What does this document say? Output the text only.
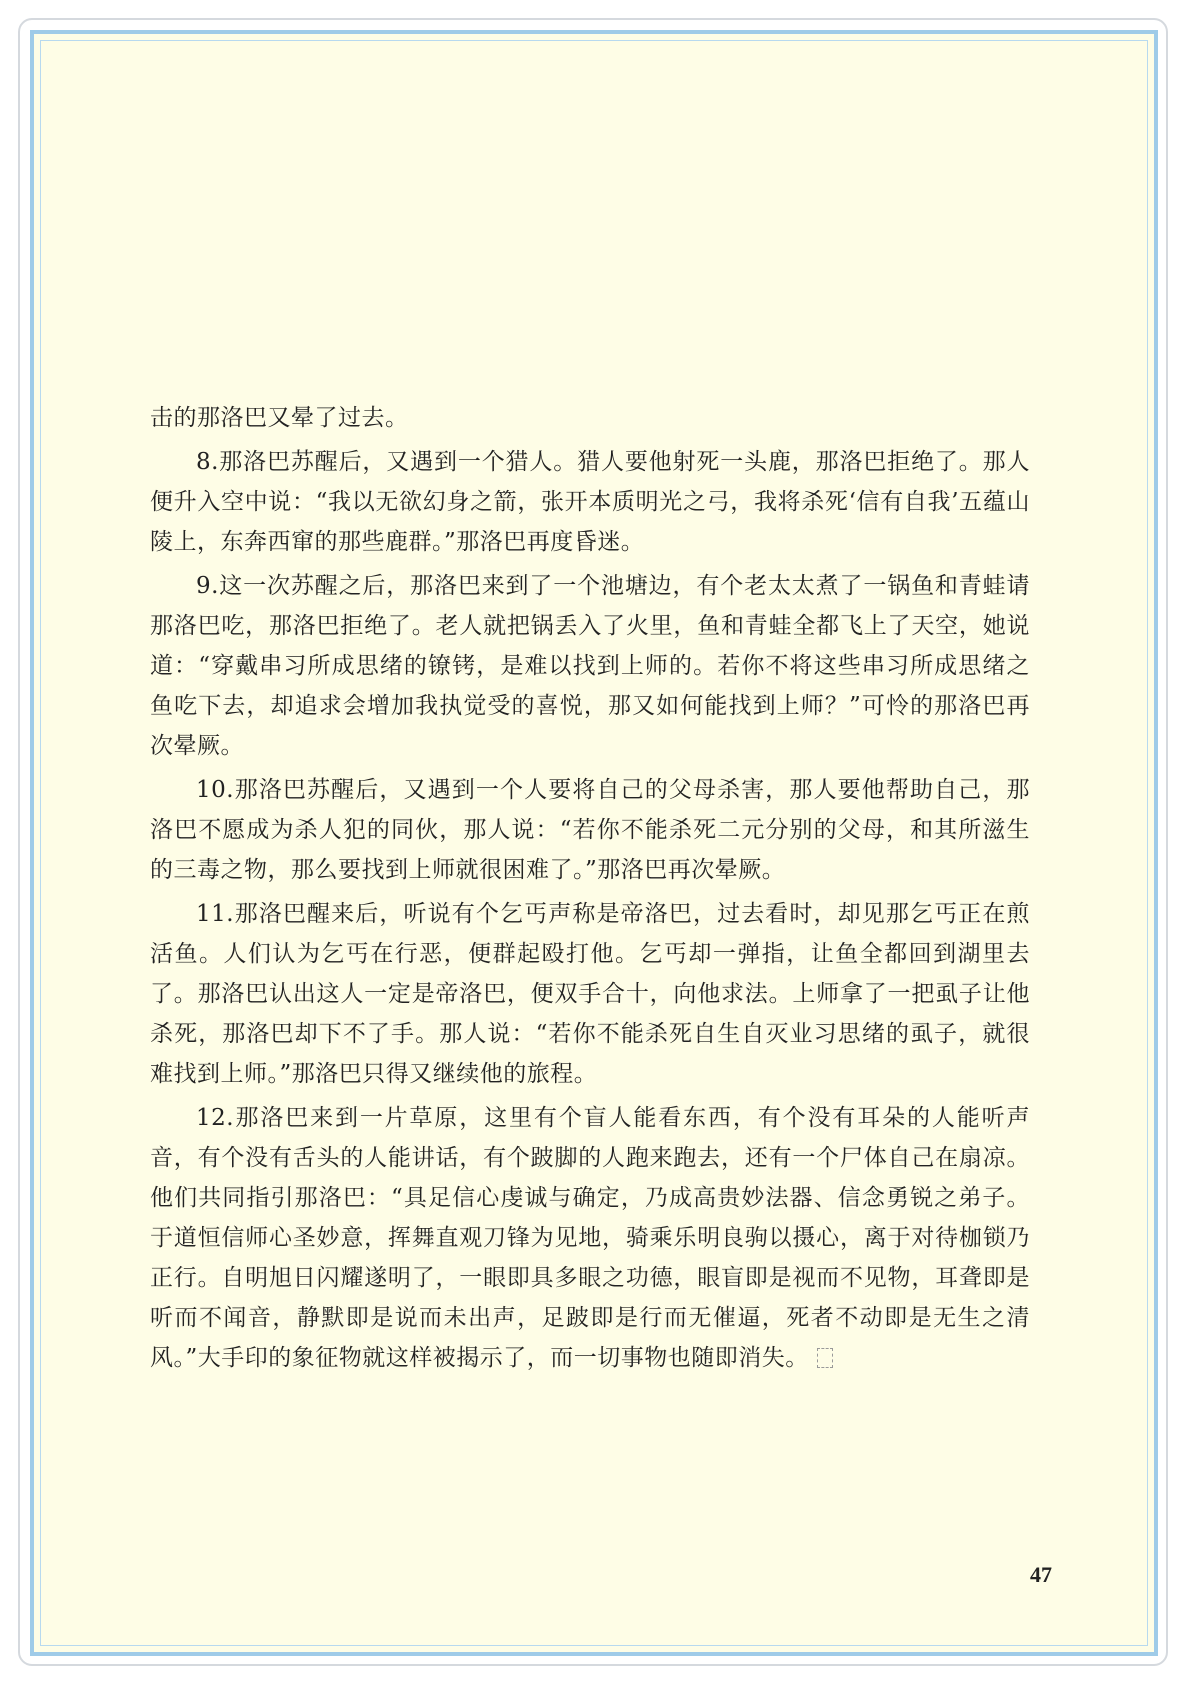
击的那洛巴又晕了过去。

8.那洛巴苏醒后，又遇到一个猎人。猎人要他射死一头鹿，那洛巴拒绝了。那人便升入空中说：“我以无欲幻身之箭，张开本质明光之弓，我将杀死‘信有自我’五蕴山陵上，东奔西窜的那些鹿群。”那洛巴再度昏迷。

9.这一次苏醒之后，那洛巴来到了一个池塘边，有个老太太煮了一锅鱼和青蛙请那洛巴吃，那洛巴拒绝了。老人就把锅丢入了火里，鱼和青蛙全都飞上了天空，她说道：“穿戴串习所成思绪的镣铐，是难以找到上师的。若你不将这些串习所成思绪之鱼吃下去，却追求会增加我执觉受的喜悦，那又如何能找到上师？”可怜的那洛巴再次晕厥。

10.那洛巴苏醒后，又遇到一个人要将自己的父母杀害，那人要他帮助自己，那洛巴不愿成为杀人犯的同伙，那人说：“若你不能杀死二元分别的父母，和其所滋生的三毒之物，那么要找到上师就很困难了。”那洛巴再次晕厥。

11.那洛巴醒来后，听说有个乞丐声称是帝洛巴，过去看时，却见那乞丐正在煎活鱼。人们认为乞丐在行恶，便群起殴打他。乞丐却一弹指，让鱼全都回到湖里去了。那洛巴认出这人一定是帝洛巴，便双手合十，向他求法。上师拿了一把虱子让他杀死，那洛巴却下不了手。那人说：“若你不能杀死自生自灭业习思绪的虱子，就很难找到上师。”那洛巴只得又继续他的旅程。

12.那洛巴来到一片草原，这里有个盲人能看东西，有个没有耳朵的人能听声音，有个没有舌头的人能讲话，有个跛脚的人跑来跑去，还有一个尸体自己在扇凉。他们共同指引那洛巴：“具足信心虔诚与确定，乃成高贵妙法器、信念勇锐之弟子。于道恒信师心圣妙意，挥舞直观刀锋为见地，骑乘乐明良驹以摄心，离于对待枷锁乃正行。自明旭日闪耀遂明了，一眼即具多眼之功德，眼盲即是视而不见物，耳聋即是听而不闻音，静默即是说而未出声，足跛即是行而无催逼，死者不动即是无生之清风。”大手印的象征物就这样被揭示了，而一切事物也随即消失。

47
